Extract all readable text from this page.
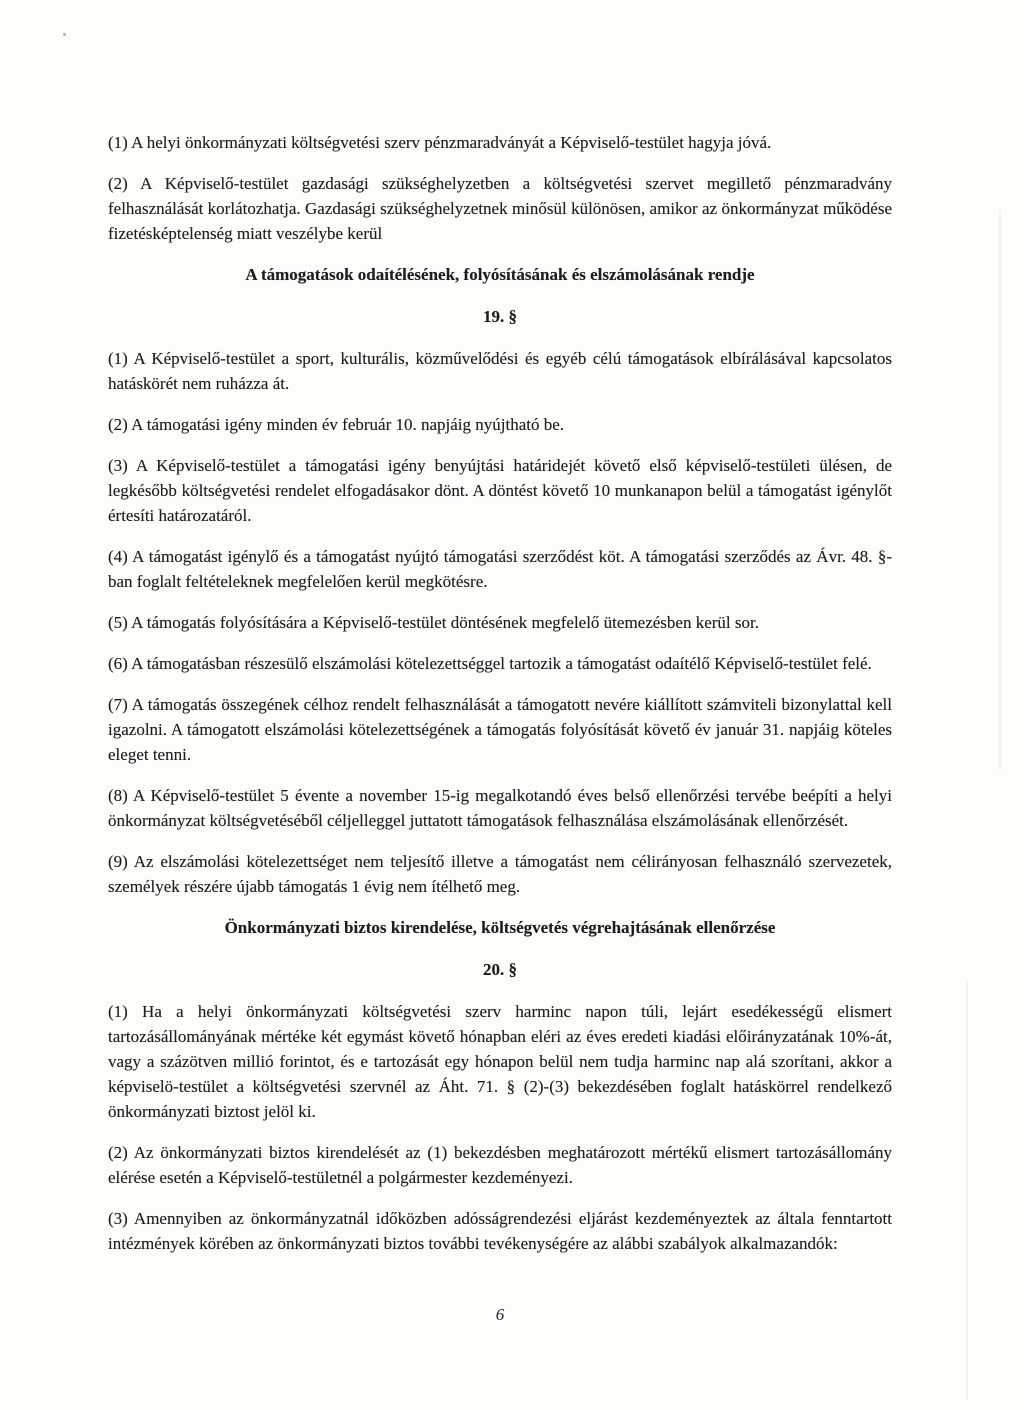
(1) A helyi önkormányzati költségvetési szerv pénzmaradványát a Képviselő-testület hagyja jóvá.

(2) A Képviselő-testület gazdasági szükséghelyzetben a költségvetési szervet megillető pénzmaradvány felhasználását korlátozhatja. Gazdasági szükséghelyzetnek minősül különösen, amikor az önkormányzat működése fizetésképtelenség miatt veszélybe kerül

A támogatások odaítélésének, folyósításának és elszámolásának rendje

19. §

(1) A Képviselő-testület a sport, kulturális, közművelődési és egyéb célú támogatások elbírálásával kapcsolatos hatáskörét nem ruházza át.

(2) A támogatási igény minden év február 10. napjáig nyújtható be.

(3) A Képviselő-testület a támogatási igény benyújtási határidejét követő első képviselő-testületi ülésen, de legkésőbb költségvetési rendelet elfogadásakor dönt. A döntést követő 10 munkanapon belül a támogatást igénylőt értesíti határozatáról.

(4) A támogatást igénylő és a támogatást nyújtó támogatási szerződést köt. A támogatási szerződés az Ávr. 48. §-ban foglalt feltételeknek megfelelően kerül megkötésre.

(5) A támogatás folyósítására a Képviselő-testület döntésének megfelelő ütemezésben kerül sor.

(6) A támogatásban részesülő elszámolási kötelezettséggel tartozik a támogatást odaítélő Képviselő-testület felé.

(7) A támogatás összegének célhoz rendelt felhasználását a támogatott nevére kiállított számviteli bizonylattal kell igazolni. A támogatott elszámolási kötelezettségének a támogatás folyósítását követő év január 31. napjáig köteles eleget tenni.

(8) A Képviselő-testület 5 évente a november 15-ig megalkotandó éves belső ellenőrzési tervébe beépíti a helyi önkormányzat költségvetéséből céljelleggel juttatott támogatások felhasználása elszámolásának ellenőrzését.

(9) Az elszámolási kötelezettséget nem teljesítő illetve a támogatást nem célirányosan felhasználó szervezetek, személyek részére újabb támogatás 1 évig nem ítélhető meg.

Önkormányzati biztos kirendelése, költségvetés végrehajtásának ellenőrzése

20. §

(1) Ha a helyi önkormányzati költségvetési szerv harminc napon túli, lejárt esedékességű elismert tartozásállományának mértéke két egymást követő hónapban eléri az éves eredeti kiadási előirányzatának 10%-át, vagy a százötven millió forintot, és e tartozását egy hónapon belül nem tudja harminc nap alá szorítani, akkor a képviselö-testület a költségvetési szervnél az Áht. 71. § (2)-(3) bekezdésében foglalt hatáskörrel rendelkező önkormányzati biztost jelöl ki.

(2) Az önkormányzati biztos kirendelését az (1) bekezdésben meghatározott mértékű elismert tartozásállomány elérése esetén a Képviselő-testületnél a polgármester kezdeményezi.

(3) Amennyiben az önkormányzatnál időközben adósságrendezési eljárást kezdeményeztek az általa fenntartott intézmények körében az önkormányzati biztos további tevékenységére az alábbi szabályok alkalmazandók:

6
